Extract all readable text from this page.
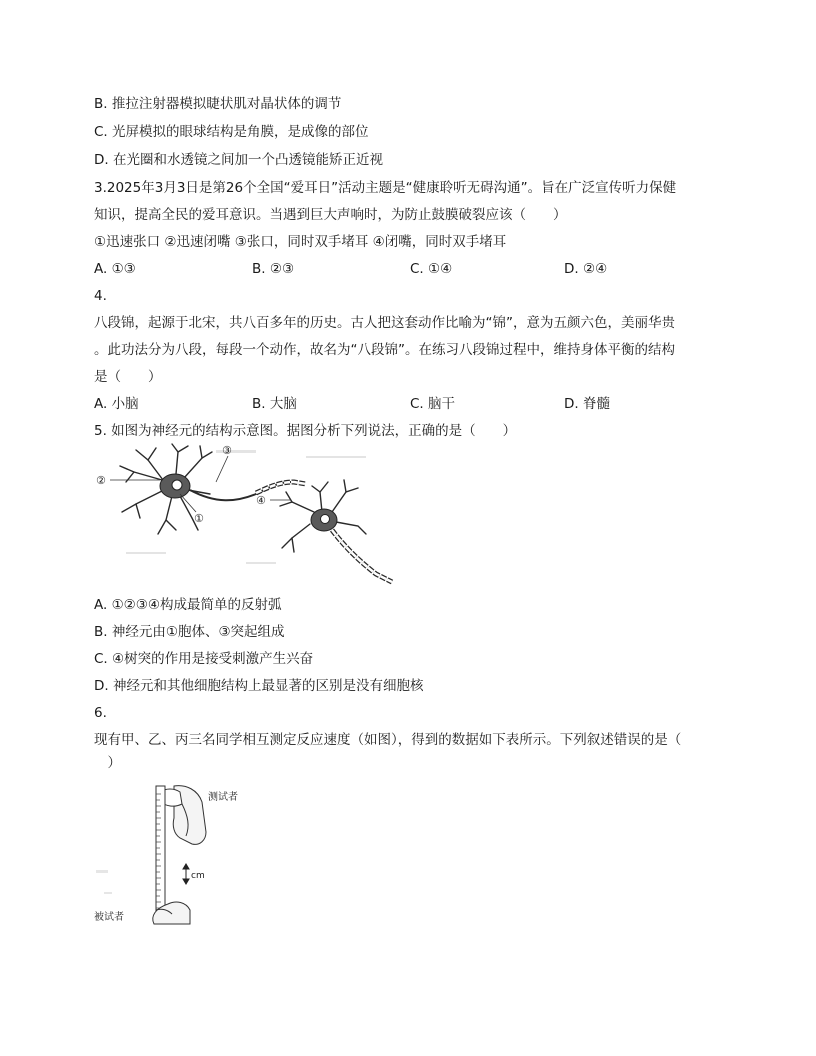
B. 推拉注射器模拟睫状肌对晶状体的调节
C. 光屏模拟的眼球结构是角膜，是成像的部位
D. 在光圈和水透镜之间加一个凸透镜能矫正近视
3.2025年3月3日是第26个全国“爱耳日”活动主题是“健康聆听无碍沟通”。旨在广泛宣传听力保健
知识，提高全民的爱耳意识。当遇到巨大声响时，为防止鼓膜破裂应该（　　）
①迅速张口 ②迅速闭嘴 ③张口，同时双手堵耳 ④闭嘴，同时双手堵耳
A. ①③	B. ②③	C. ①④	D. ②④
4.
八段锦，起源于北宋，共八百多年的历史。古人把这套动作比喻为“锦”，意为五颜六色，美丽华贵
。此功法分为八段，每段一个动作，故名为“八段锦”。在练习八段锦过程中，维持身体平衡的结构
是（　　）
A. 小脑	B. 大脑	C. 脑干	D. 脊髓
5. 如图为神经元的结构示意图。据图分析下列说法，正确的是（　　）
②
③
①
④
A. ①②③④构成最简单的反射弧
B. 神经元由①胞体、③突起组成
C. ④树突的作用是接受刺激产生兴奋
D. 神经元和其他细胞结构上最显著的区别是没有细胞核
6.
现有甲、乙、丙三名同学相互测定反应速度（如图），得到的数据如下表所示。下列叙述错误的是（
　）
cm
测试者
被试者
